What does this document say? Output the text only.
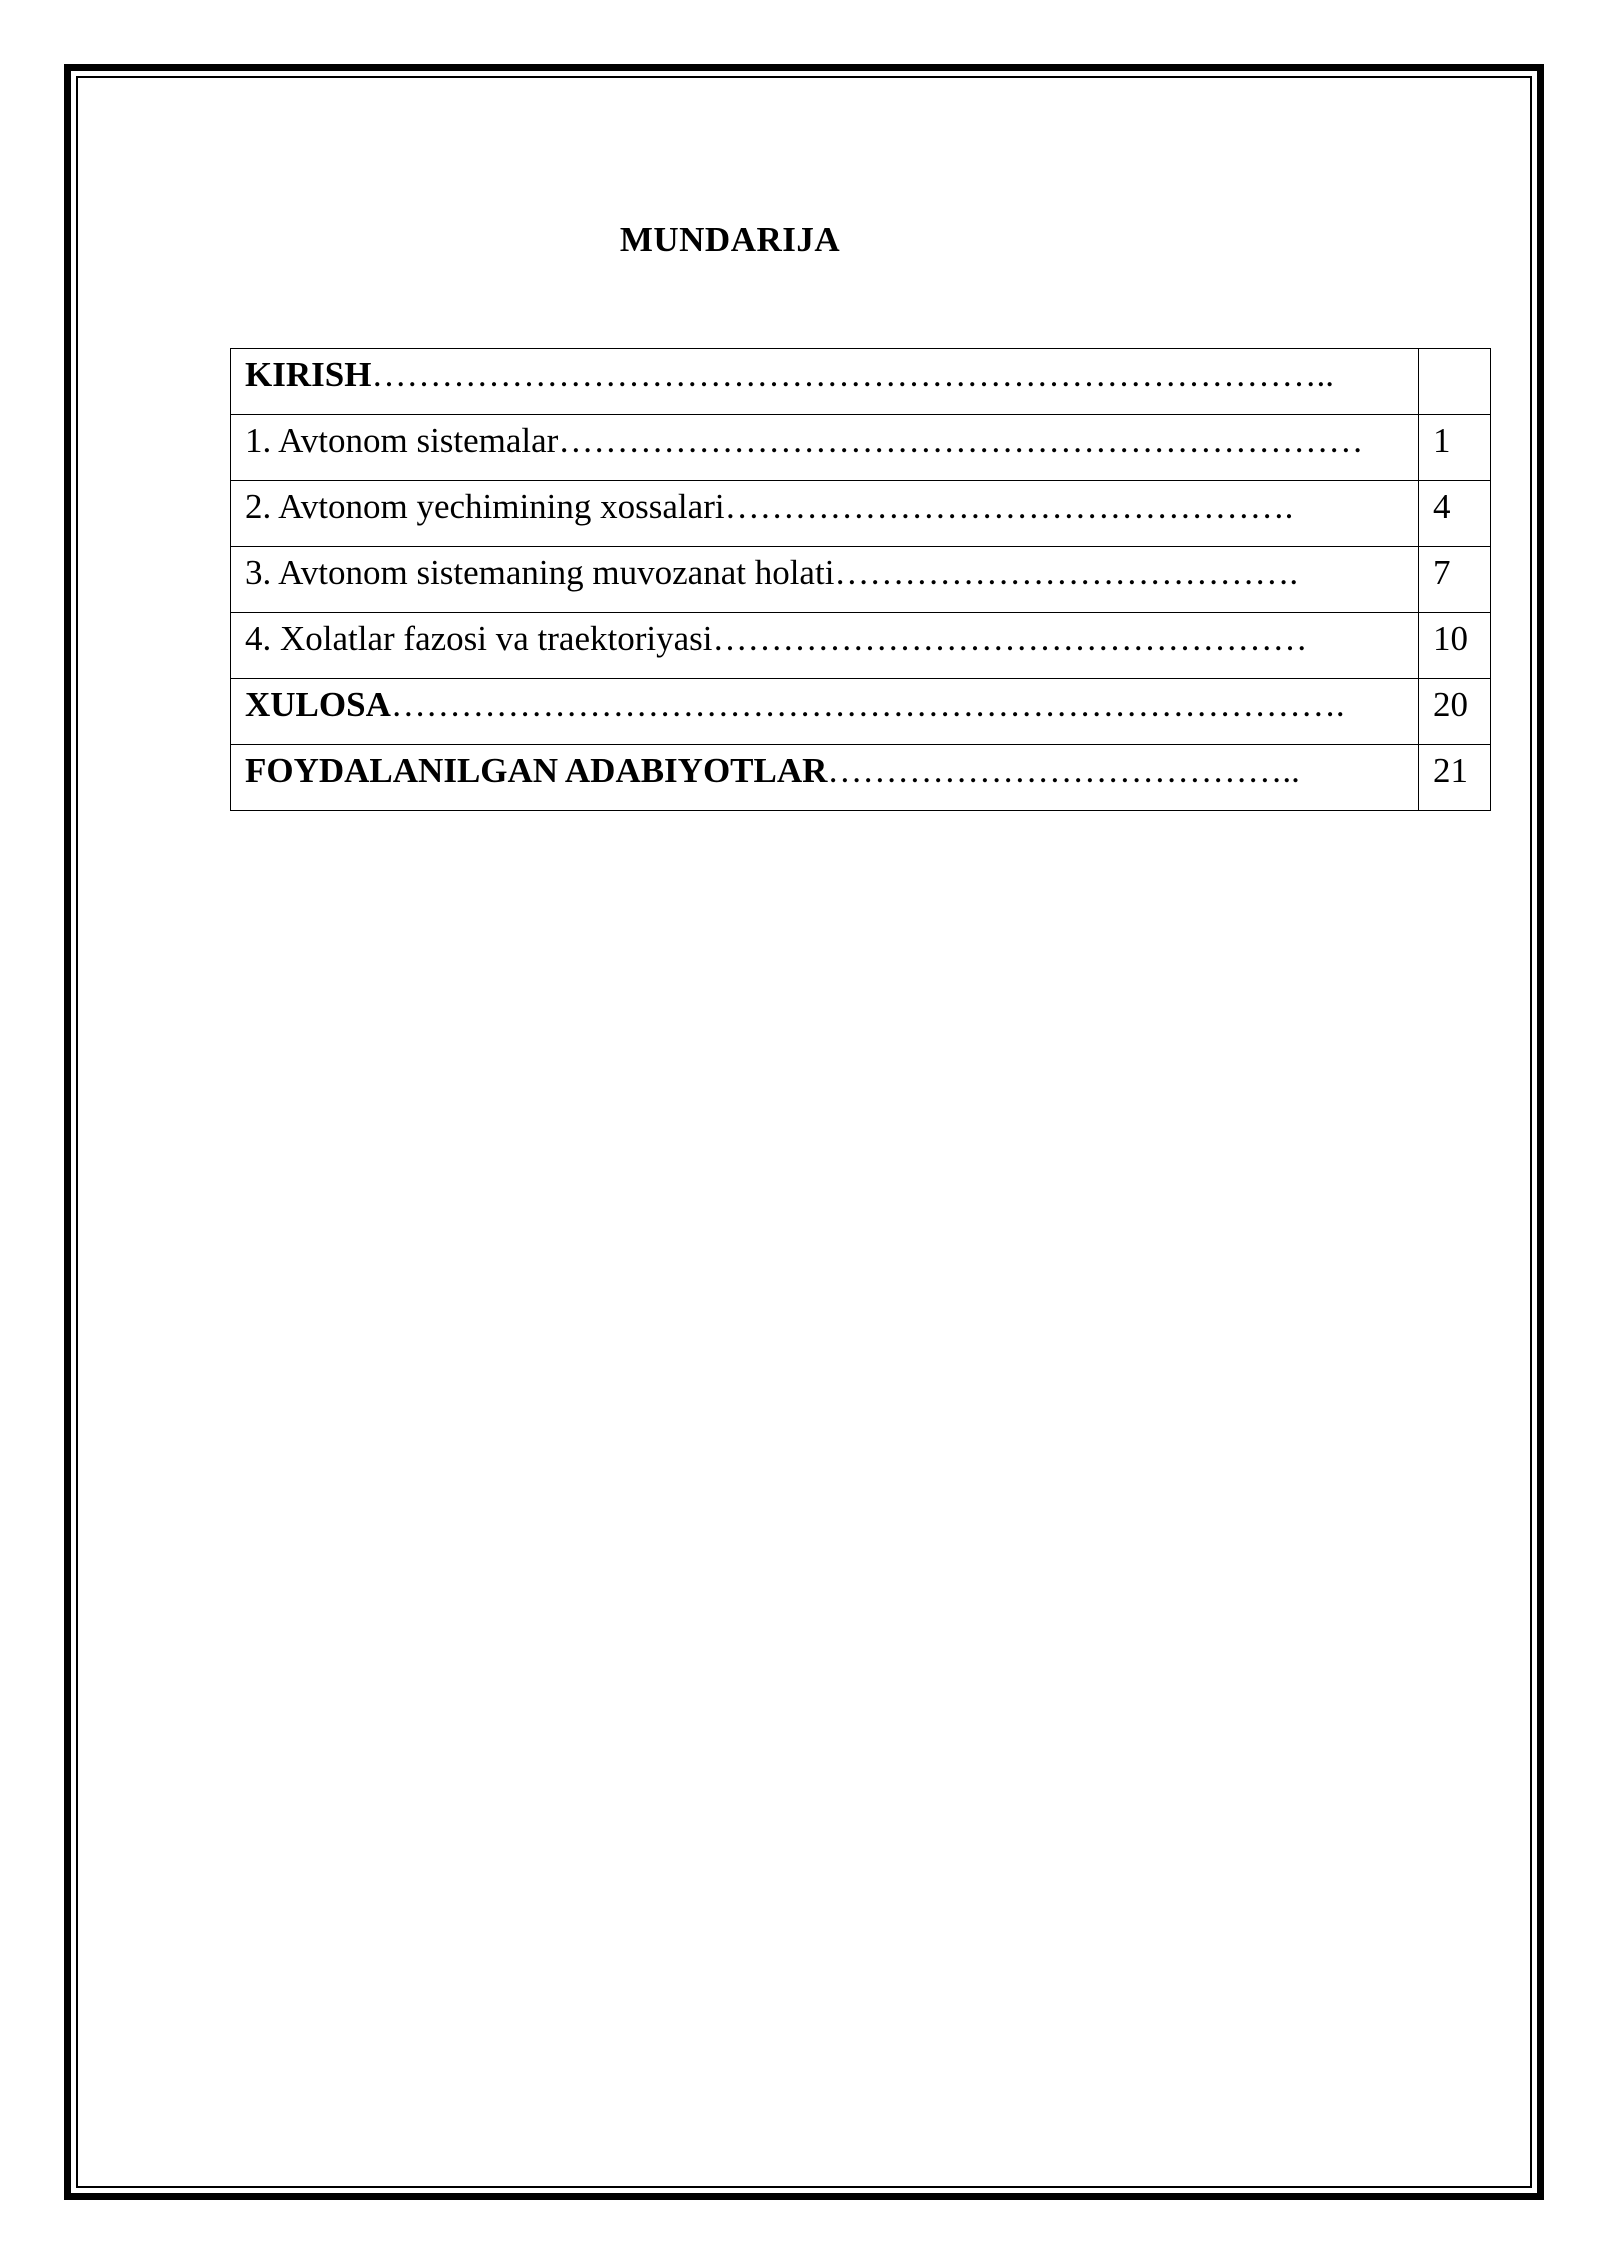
MUNDARIJA
KIRISH………………………………………………………………………..	
1. Avtonom sistemalar……………………………………………………………	1
2. Avtonom yechimining xossalari………………………………………….	4
3. Avtonom sistemaning muvozanat holati………………………………….	7
4. Xolatlar fazosi va traektoriyasi……………………………………………	10
XULOSA……………………………………………………………………….	20
FOYDALANILGAN ADABIYOTLAR…………………………………..	21
